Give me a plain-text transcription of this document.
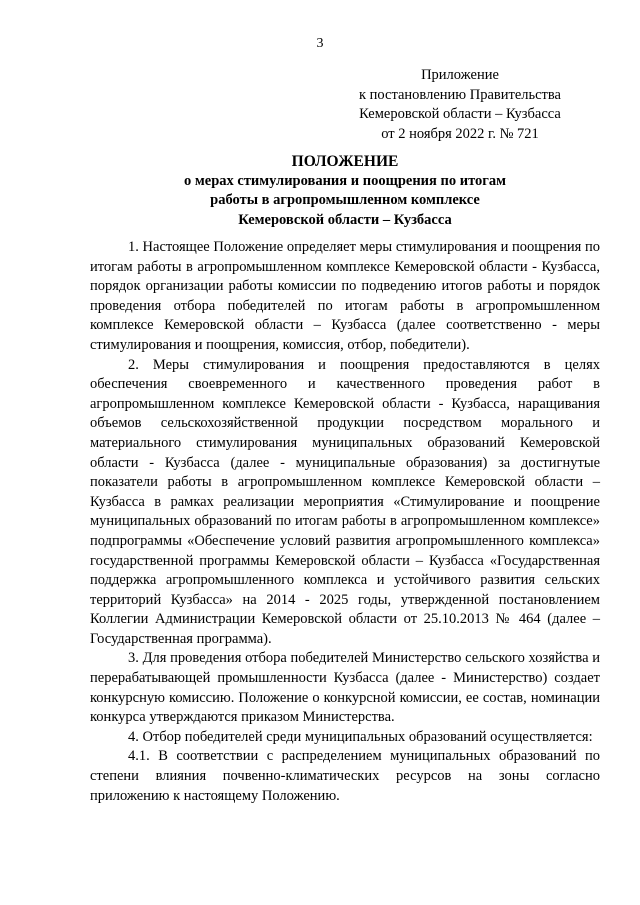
3
Приложение
к постановлению Правительства
Кемеровской области – Кузбасса
от 2 ноября 2022 г. № 721
ПОЛОЖЕНИЕ
о мерах стимулирования и поощрения по итогам
работы в агропромышленном комплексе
Кемеровской области – Кузбасса

1. Настоящее Положение определяет меры стимулирования и поощрения по итогам работы в агропромышленном комплексе Кемеровской области - Кузбасса, порядок организации работы комиссии по подведению итогов работы и порядок проведения отбора победителей по итогам работы в агропромышленном комплексе Кемеровской области – Кузбасса (далее соответственно - меры стимулирования и поощрения, комиссия, отбор, победители).

2. Меры стимулирования и поощрения предоставляются в целях обеспечения своевременного и качественного проведения работ в агропромышленном комплексе Кемеровской области - Кузбасса, наращивания объемов сельскохозяйственной продукции посредством морального и материального стимулирования муниципальных образований Кемеровской области - Кузбасса (далее - муниципальные образования) за достигнутые показатели работы в агропромышленном комплексе Кемеровской области – Кузбасса в рамках реализации мероприятия «Стимулирование и поощрение муниципальных образований по итогам работы в агропромышленном комплексе» подпрограммы «Обеспечение условий развития агропромышленного комплекса» государственной программы Кемеровской области – Кузбасса «Государственная поддержка агропромышленного комплекса и устойчивого развития сельских территорий Кузбасса» на 2014 - 2025 годы, утвержденной постановлением Коллегии Администрации Кемеровской области от 25.10.2013 № 464 (далее – Государственная программа).

3. Для проведения отбора победителей Министерство сельского хозяйства и перерабатывающей промышленности Кузбасса (далее - Министерство) создает конкурсную комиссию. Положение о конкурсной комиссии, ее состав, номинации конкурса утверждаются приказом Министерства.

4. Отбор победителей среди муниципальных образований осуществляется:

4.1. В соответствии с распределением муниципальных образований по степени влияния почвенно-климатических ресурсов на зоны согласно приложению к настоящему Положению.
